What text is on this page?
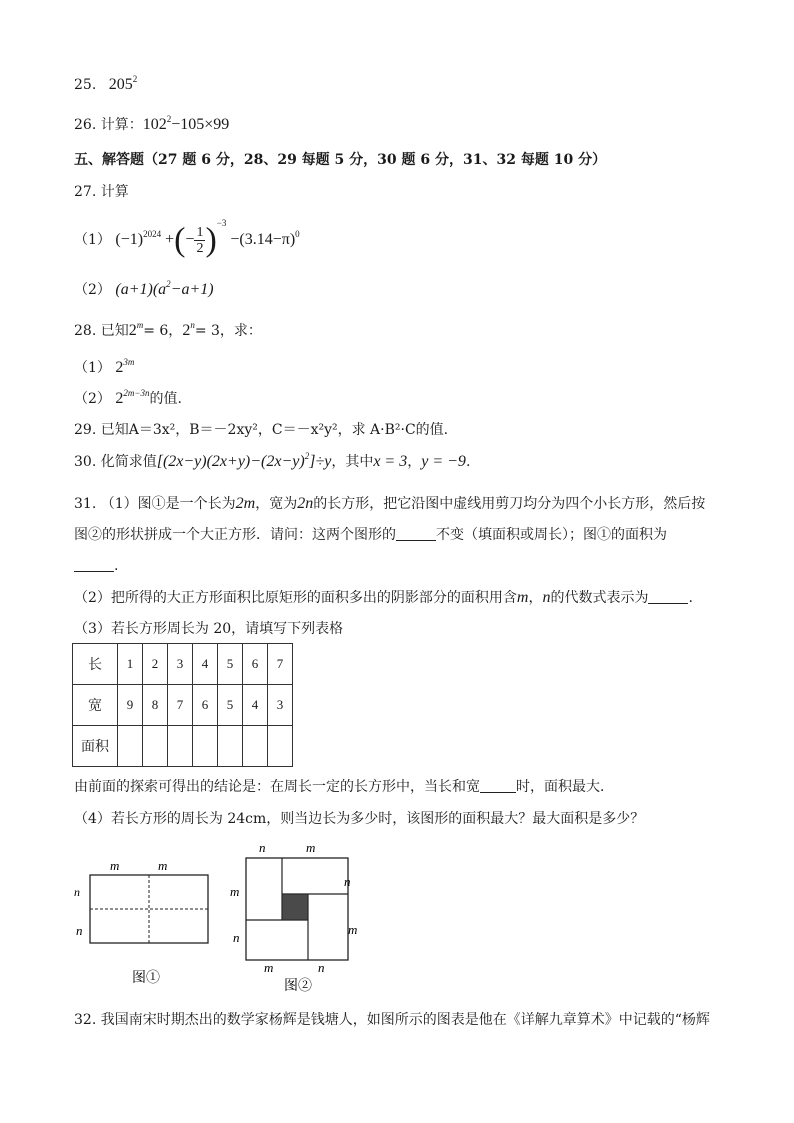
25. $205^2$
26. 计算：$102^2-105\times 99$
五、解答题（27 题 6 分，28、29 每题 5 分，30 题 6 分，31、32 每题 10 分）
27. 计算
（1） $(-1)^{2024}$ +(− $\frac{1}{2} )^{-3} -(3.14-\pi)^0$
（2） $(a+1)(a^2-a+1)$
28. 已知$2^m= 6$，$2^n= 3$，求：
（1） $2^{3m}$
（2） $2^{2m-3n}$的值.
29. 已知A＝3x²，B＝－2xy²，C＝－x²y²，求 A·B²·C的值.
30. 化简求值$[(2x-y)(2x+y)-(2x-y)^2]\div y$，其中x = 3，y = −9.
31. （1）图①是一个长为2m，宽为2n的长方形，把它沿图中虚线用剪刀均分为四个小长方形，然后按
图②的形状拼成一个大正方形．请问：这两个图形的	不变（填面积或周长）；图①的面积为
.
（2）把所得的大正方形面积比原矩形的面积多出的阴影部分的面积用含m，n的代数式表示为	.
（3）若长方形周长为 20，请填写下列表格
长	1	2	3	4	5	6	7
宽	9	8	7	6	5	4	3
面积							
由前面的探索可得出的结论是：在周长一定的长方形中，当长和宽	时，面积最大．
（4）若长方形的周长为 24cm，则当边长为多少时，该图形的面积最大？最大面积是多少？
m	m
n
n
图①
n	m
m
n
n
m
m	n
图②
32. 我国南宋时期杰出的数学家杨辉是钱塘人，如图所示的图表是他在《详解九章算术》中记载的“杨辉
